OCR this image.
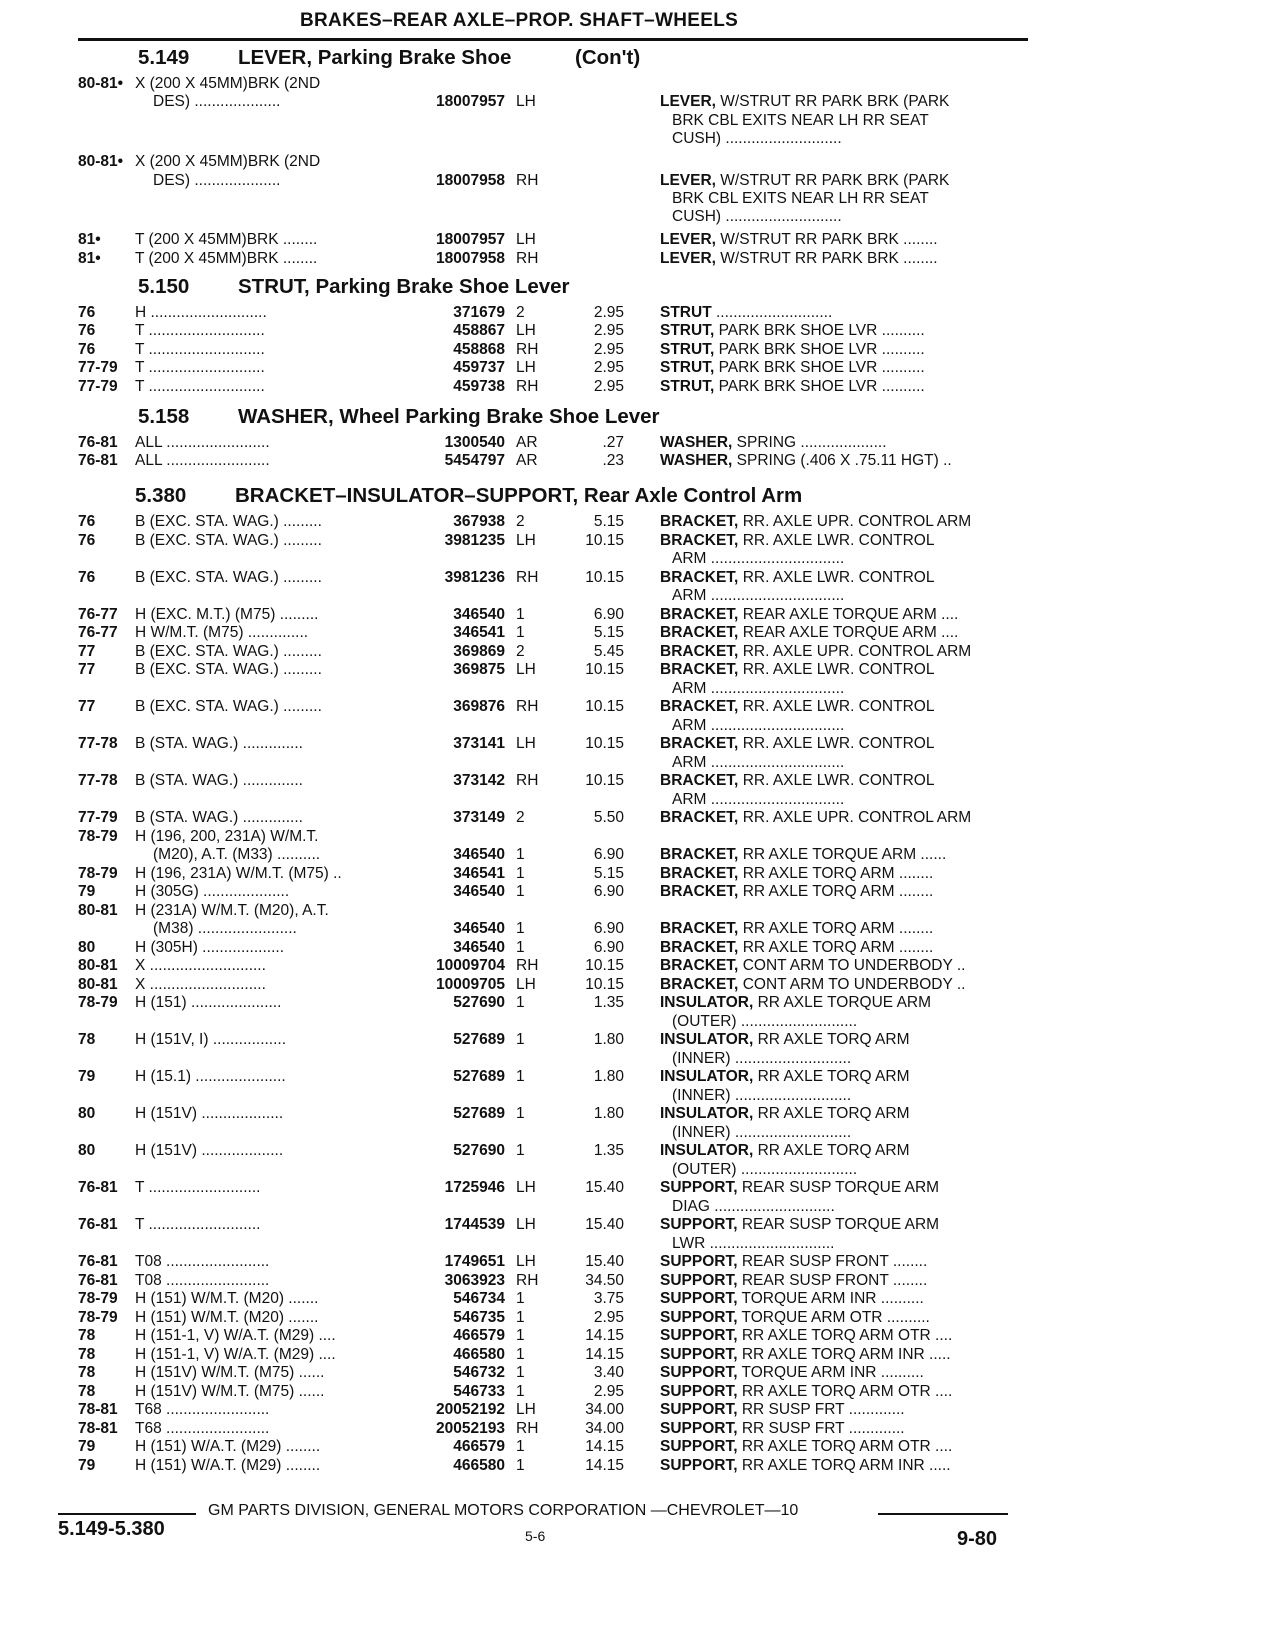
BRAKES–REAR AXLE–PROP. SHAFT–WHEELS
5.149 LEVER, Parking Brake Shoe	(Con't)
80-81• X (200 X 45MM)BRK (2ND
DES) ....................	18007957 LH	LEVER, W/STRUT RR PARK BRK (PARK
BRK CBL EXITS NEAR LH RR SEAT
CUSH) ...........................
80-81• X (200 X 45MM)BRK (2ND
DES) ....................	18007958 RH	LEVER, W/STRUT RR PARK BRK (PARK
BRK CBL EXITS NEAR LH RR SEAT
CUSH) ...........................
81•	T (200 X 45MM)BRK ........	18007957 LH	LEVER, W/STRUT RR PARK BRK ........
81•	T (200 X 45MM)BRK ........	18007958 RH	LEVER, W/STRUT RR PARK BRK ........
5.150 STRUT, Parking Brake Shoe Lever
76	H ...........................	371679 2	2.95 STRUT ...........................
76	T ...........................	458867 LH	2.95 STRUT, PARK BRK SHOE LVR ..........
76	T ...........................	458868 RH	2.95 STRUT, PARK BRK SHOE LVR ..........
77-79	T ...........................	459737 LH	2.95 STRUT, PARK BRK SHOE LVR ..........
77-79	T ...........................	459738 RH	2.95 STRUT, PARK BRK SHOE LVR ..........
5.158 WASHER, Wheel Parking Brake Shoe Lever
76-81	ALL ........................	1300540 AR	.27 WASHER, SPRING ....................
76-81	ALL ........................	5454797 AR	.23 WASHER, SPRING (.406 X .75.11 HGT) ..
5.380 BRACKET–INSULATOR–SUPPORT, Rear Axle Control Arm
76	B (EXC. STA. WAG.) .........	367938 2	5.15 BRACKET, RR. AXLE UPR. CONTROL ARM
76	B (EXC. STA. WAG.) .........	3981235 LH	10.15 BRACKET, RR. AXLE LWR. CONTROL
ARM ...............................
76	B (EXC. STA. WAG.) .........	3981236 RH	10.15 BRACKET, RR. AXLE LWR. CONTROL
ARM ...............................
76-77	H (EXC. M.T.) (M75) .........	346540 1	6.90 BRACKET, REAR AXLE TORQUE ARM ....
76-77	H W/M.T. (M75) ..............	346541 1	5.15 BRACKET, REAR AXLE TORQUE ARM ....
77	B (EXC. STA. WAG.) .........	369869 2	5.45 BRACKET, RR. AXLE UPR. CONTROL ARM
77	B (EXC. STA. WAG.) .........	369875 LH	10.15 BRACKET, RR. AXLE LWR. CONTROL
ARM ...............................
77	B (EXC. STA. WAG.) .........	369876 RH	10.15 BRACKET, RR. AXLE LWR. CONTROL
ARM ...............................
77-78	B (STA. WAG.) ..............	373141 LH	10.15 BRACKET, RR. AXLE LWR. CONTROL
ARM ...............................
77-78	B (STA. WAG.) ..............	373142 RH	10.15 BRACKET, RR. AXLE LWR. CONTROL
ARM ...............................
77-79	B (STA. WAG.) ..............	373149 2	5.50 BRACKET, RR. AXLE UPR. CONTROL ARM
78-79	H (196, 200, 231A) W/M.T.
(M20), A.T. (M33) ..........	346540 1	6.90 BRACKET, RR AXLE TORQUE ARM ......
78-79	H (196, 231A) W/M.T. (M75) ..	346541 1	5.15 BRACKET, RR AXLE TORQ ARM ........
79	H (305G) ....................	346540 1	6.90 BRACKET, RR AXLE TORQ ARM ........
80-81	H (231A) W/M.T. (M20), A.T.
(M38) .......................	346540 1	6.90 BRACKET, RR AXLE TORQ ARM ........
80	H (305H) ...................	346540 1	6.90 BRACKET, RR AXLE TORQ ARM ........
80-81	X ...........................	10009704 RH	10.15 BRACKET, CONT ARM TO UNDERBODY ..
80-81	X ...........................	10009705 LH	10.15 BRACKET, CONT ARM TO UNDERBODY ..
78-79	H (151) .....................	527690 1	1.35 INSULATOR, RR AXLE TORQUE ARM
(OUTER) ...........................
78	H (151V, I) .................	527689 1	1.80 INSULATOR, RR AXLE TORQ ARM
(INNER) ...........................
79	H (15.1) .....................	527689 1	1.80 INSULATOR, RR AXLE TORQ ARM
(INNER) ...........................
80	H (151V) ...................	527689 1	1.80 INSULATOR, RR AXLE TORQ ARM
(INNER) ...........................
80	H (151V) ...................	527690 1	1.35 INSULATOR, RR AXLE TORQ ARM
(OUTER) ...........................
76-81	T ..........................	1725946 LH	15.40 SUPPORT, REAR SUSP TORQUE ARM
DIAG ............................
76-81	T ..........................	1744539 LH	15.40 SUPPORT, REAR SUSP TORQUE ARM
LWR .............................
76-81	T08 ........................	1749651 LH	15.40 SUPPORT, REAR SUSP FRONT ........
76-81	T08 ........................	3063923 RH	34.50 SUPPORT, REAR SUSP FRONT ........
78-79	H (151) W/M.T. (M20) .......	546734 1	3.75 SUPPORT, TORQUE ARM INR ..........
78-79	H (151) W/M.T. (M20) .......	546735 1	2.95 SUPPORT, TORQUE ARM OTR ..........
78	H (151-1, V) W/A.T. (M29) ....	466579 1	14.15 SUPPORT, RR AXLE TORQ ARM OTR ....
78	H (151-1, V) W/A.T. (M29) ....	466580 1	14.15 SUPPORT, RR AXLE TORQ ARM INR .....
78	H (151V) W/M.T. (M75) ......	546732 1	3.40 SUPPORT, TORQUE ARM INR ..........
78	H (151V) W/M.T. (M75) ......	546733 1	2.95 SUPPORT, RR AXLE TORQ ARM OTR ....
78-81	T68 ........................	20052192 LH	34.00 SUPPORT, RR SUSP FRT .............
78-81	T68 ........................	20052193 RH	34.00 SUPPORT, RR SUSP FRT .............
79	H (151) W/A.T. (M29) ........	466579 1	14.15 SUPPORT, RR AXLE TORQ ARM OTR ....
79	H (151) W/A.T. (M29) ........	466580 1	14.15 SUPPORT, RR AXLE TORQ ARM INR .....
GM PARTS DIVISION, GENERAL MOTORS CORPORATION —CHEVROLET—10
5.149-5.380	5-6	9-80
